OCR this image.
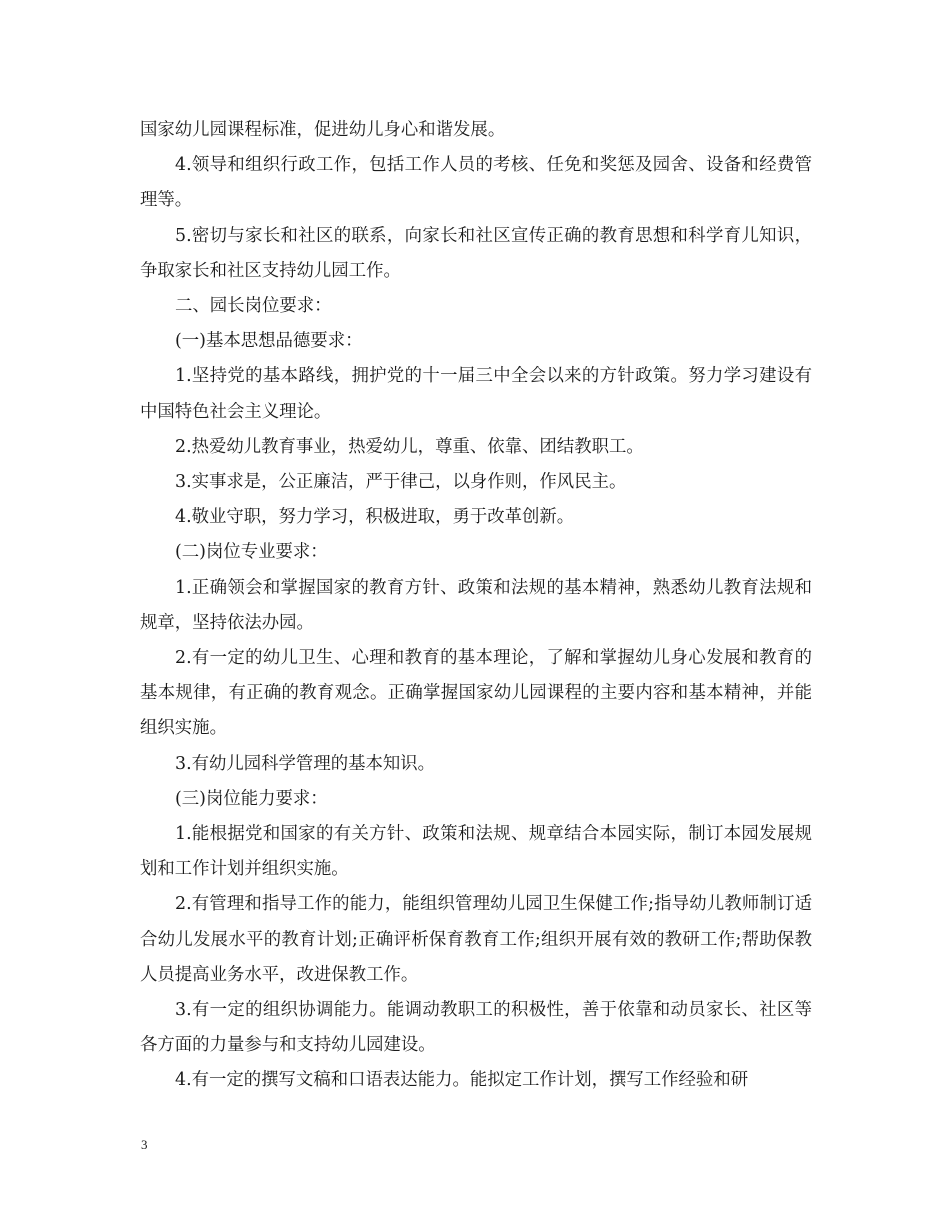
国家幼儿园课程标准，促进幼儿身心和谐发展。

4.领导和组织行政工作，包括工作人员的考核、任免和奖惩及园舍、设备和经费管理等。

5.密切与家长和社区的联系，向家长和社区宣传正确的教育思想和科学育儿知识，争取家长和社区支持幼儿园工作。

二、园长岗位要求：

(一)基本思想品德要求：

1.坚持党的基本路线，拥护党的十一届三中全会以来的方针政策。努力学习建设有中国特色社会主义理论。

2.热爱幼儿教育事业，热爱幼儿，尊重、依靠、团结教职工。

3.实事求是，公正廉洁，严于律己，以身作则，作风民主。

4.敬业守职，努力学习，积极进取，勇于改革创新。

(二)岗位专业要求：

1.正确领会和掌握国家的教育方针、政策和法规的基本精神，熟悉幼儿教育法规和规章，坚持依法办园。

2.有一定的幼儿卫生、心理和教育的基本理论，了解和掌握幼儿身心发展和教育的基本规律，有正确的教育观念。正确掌握国家幼儿园课程的主要内容和基本精神，并能组织实施。

3.有幼儿园科学管理的基本知识。

(三)岗位能力要求：

1.能根据党和国家的有关方针、政策和法规、规章结合本园实际，制订本园发展规划和工作计划并组织实施。

2.有管理和指导工作的能力，能组织管理幼儿园卫生保健工作;指导幼儿教师制订适合幼儿发展水平的教育计划;正确评析保育教育工作;组织开展有效的教研工作;帮助保教人员提高业务水平，改进保教工作。

3.有一定的组织协调能力。能调动教职工的积极性，善于依靠和动员家长、社区等各方面的力量参与和支持幼儿园建设。

4.有一定的撰写文稿和口语表达能力。能拟定工作计划，撰写工作经验和研

3
